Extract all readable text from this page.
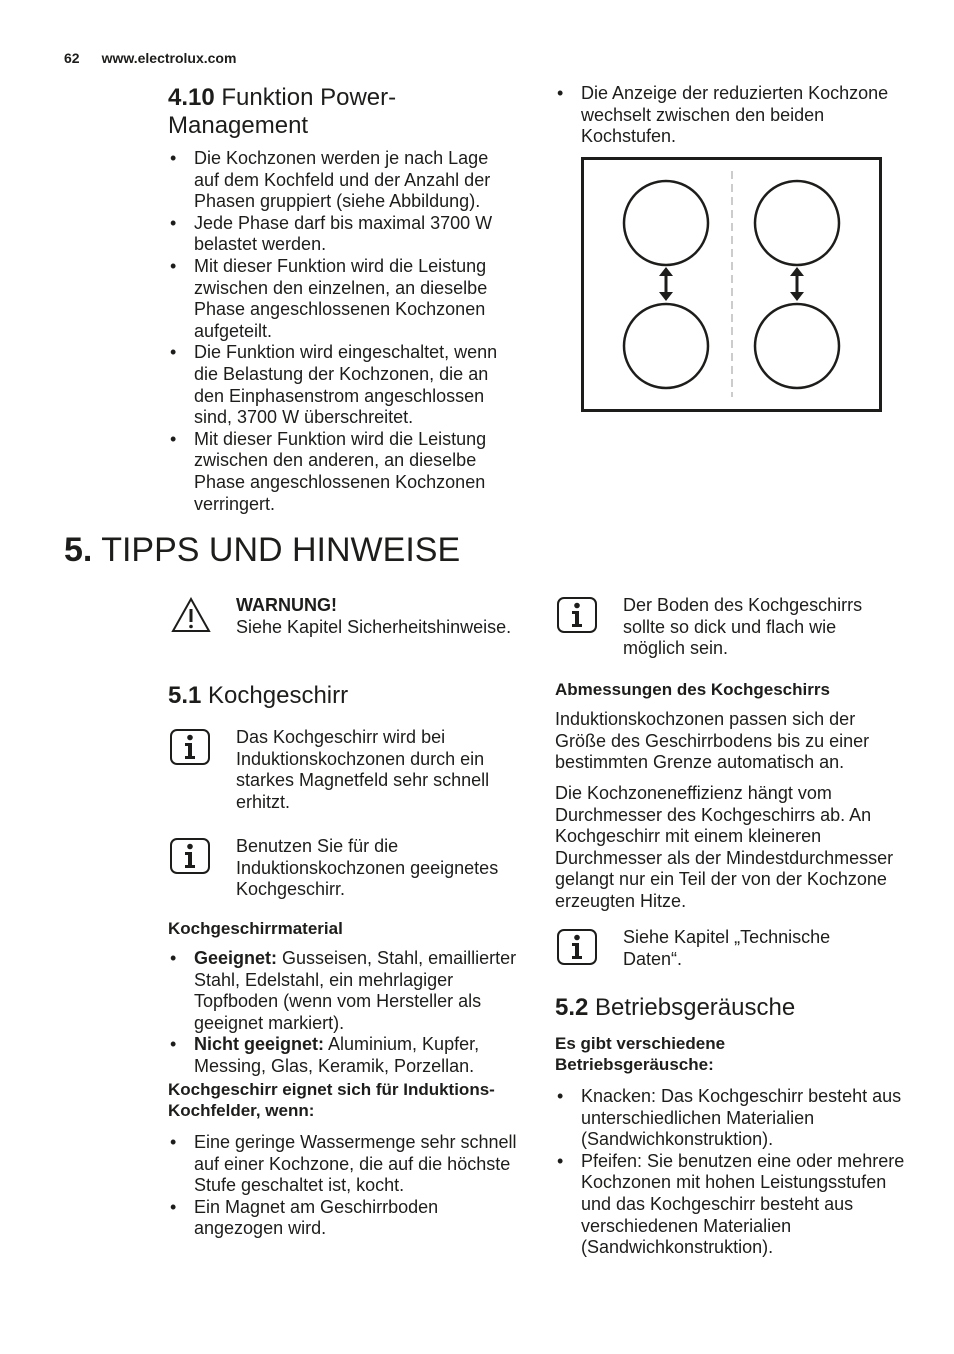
62 www.electrolux.com
4.10 Funktion Power-
Management
• Die Kochzonen werden je nach Lage auf dem Kochfeld und der Anzahl der Phasen gruppiert (siehe Abbildung).
• Jede Phase darf bis maximal 3700 W belastet werden.
• Mit dieser Funktion wird die Leistung zwischen den einzelnen, an dieselbe Phase angeschlossenen Kochzonen aufgeteilt.
• Die Funktion wird eingeschaltet, wenn die Belastung der Kochzonen, die an den Einphasenstrom angeschlossen sind, 3700 W überschreitet.
• Mit dieser Funktion wird die Leistung zwischen den anderen, an dieselbe Phase angeschlossenen Kochzonen verringert.
• Die Anzeige der reduzierten Kochzone wechselt zwischen den beiden Kochstufen.
5. TIPPS UND HINWEISE
WARNUNG!
Siehe Kapitel Sicherheitshinweise.
5.1 Kochgeschirr
Das Kochgeschirr wird bei Induktionskochzonen durch ein starkes Magnetfeld sehr schnell erhitzt.
Benutzen Sie für die Induktionskochzonen geeignetes Kochgeschirr.
Kochgeschirrmaterial
• Geeignet: Gusseisen, Stahl, emaillierter Stahl, Edelstahl, ein mehrlagiger Topfboden (wenn vom Hersteller als geeignet markiert).
• Nicht geeignet: Aluminium, Kupfer, Messing, Glas, Keramik, Porzellan.
Kochgeschirr eignet sich für Induktions-Kochfelder, wenn:
• Eine geringe Wassermenge sehr schnell auf einer Kochzone, die auf die höchste Stufe geschaltet ist, kocht.
• Ein Magnet am Geschirrboden angezogen wird.
Der Boden des Kochgeschirrs sollte so dick und flach wie möglich sein.
Abmessungen des Kochgeschirrs
Induktionskochzonen passen sich der Größe des Geschirrbodens bis zu einer bestimmten Grenze automatisch an.
Die Kochzoneneffizienz hängt vom Durchmesser des Kochgeschirrs ab. An Kochgeschirr mit einem kleineren Durchmesser als der Mindestdurchmesser gelangt nur ein Teil der von der Kochzone erzeugten Hitze.
Siehe Kapitel „Technische Daten“.
5.2 Betriebsgeräusche
Es gibt verschiedene Betriebsgeräusche:
• Knacken: Das Kochgeschirr besteht aus unterschiedlichen Materialien (Sandwichkonstruktion).
• Pfeifen: Sie benutzen eine oder mehrere Kochzonen mit hohen Leistungsstufen und das Kochgeschirr besteht aus verschiedenen Materialien (Sandwichkonstruktion).
